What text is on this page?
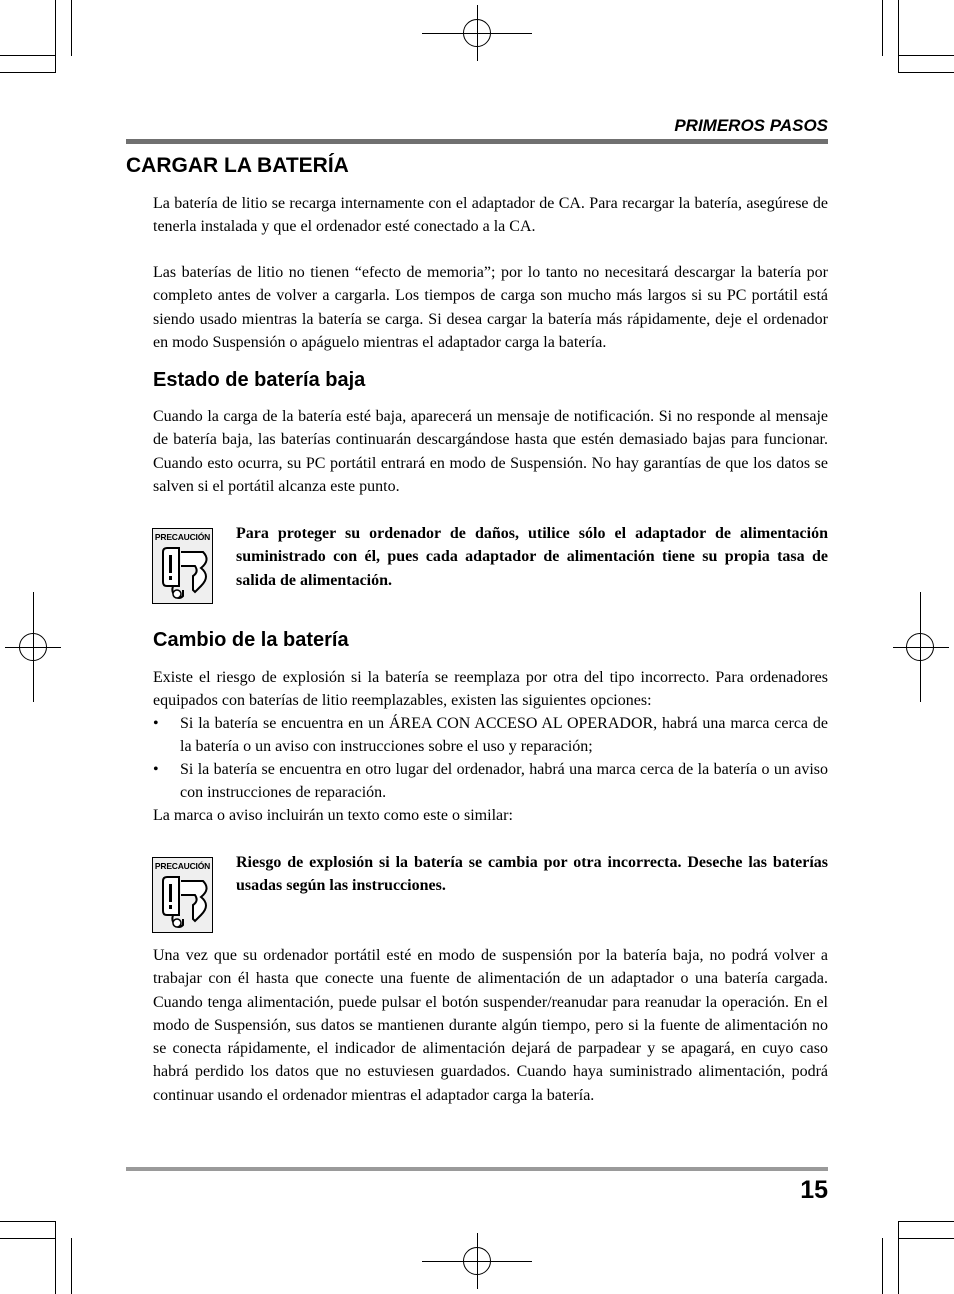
PRIMEROS PASOS
CARGAR LA BATERÍA

La batería de litio se recarga internamente con el adaptador de CA. Para recargar la batería, asegúrese de tenerla instalada y que el ordenador esté conectado a la CA.

Las baterías de litio no tienen “efecto de memoria”; por lo tanto no necesitará descargar la batería por completo antes de volver a cargarla. Los tiempos de carga son mucho más largos si su PC portátil está siendo usado mientras la batería se carga. Si desea cargar la batería más rápidamente, deje el ordenador en modo Suspensión o apáguelo mientras el adaptador carga la batería.

Estado de batería baja

Cuando la carga de la batería esté baja, aparecerá un mensaje de notificación. Si no responde al mensaje de batería baja, las baterías continuarán descargándose hasta que estén demasiado bajas para funcionar. Cuando esto ocurra, su PC portátil entrará en modo de Suspensión. No hay garantías de que los datos se salven si el portátil alcanza este punto.

PRECAUCIÓN Para proteger su ordenador de daños, utilice sólo el adaptador de alimentación suministrado con él, pues cada adaptador de alimentación tiene su propia tasa de salida de alimentación.

Cambio de la batería

Existe el riesgo de explosión si la batería se reemplaza por otra del tipo incorrecto. Para ordenadores equipados con baterías de litio reemplazables, existen las siguientes opciones:

• Si la batería se encuentra en un ÁREA CON ACCESO AL OPERADOR, habrá una marca cerca de la batería o un aviso con instrucciones sobre el uso y reparación;
• Si la batería se encuentra en otro lugar del ordenador, habrá una marca cerca de la batería o un aviso con instrucciones de reparación.

La marca o aviso incluirán un texto como este o similar:

PRECAUCIÓN Riesgo de explosión si la batería se cambia por otra incorrecta. Deseche las baterías usadas según las instrucciones.

Una vez que su ordenador portátil esté en modo de suspensión por la batería baja, no podrá volver a trabajar con él hasta que conecte una fuente de alimentación de un adaptador o una batería cargada. Cuando tenga alimentación, puede pulsar el botón suspender/reanudar para reanudar la operación. En el modo de Suspensión, sus datos se mantienen durante algún tiempo, pero si la fuente de alimentación no se conecta rápidamente, el indicador de alimentación dejará de parpadear y se apagará, en cuyo caso habrá perdido los datos que no estuviesen guardados. Cuando haya suministrado alimentación, podrá continuar usando el ordenador mientras el adaptador carga la batería.

15
